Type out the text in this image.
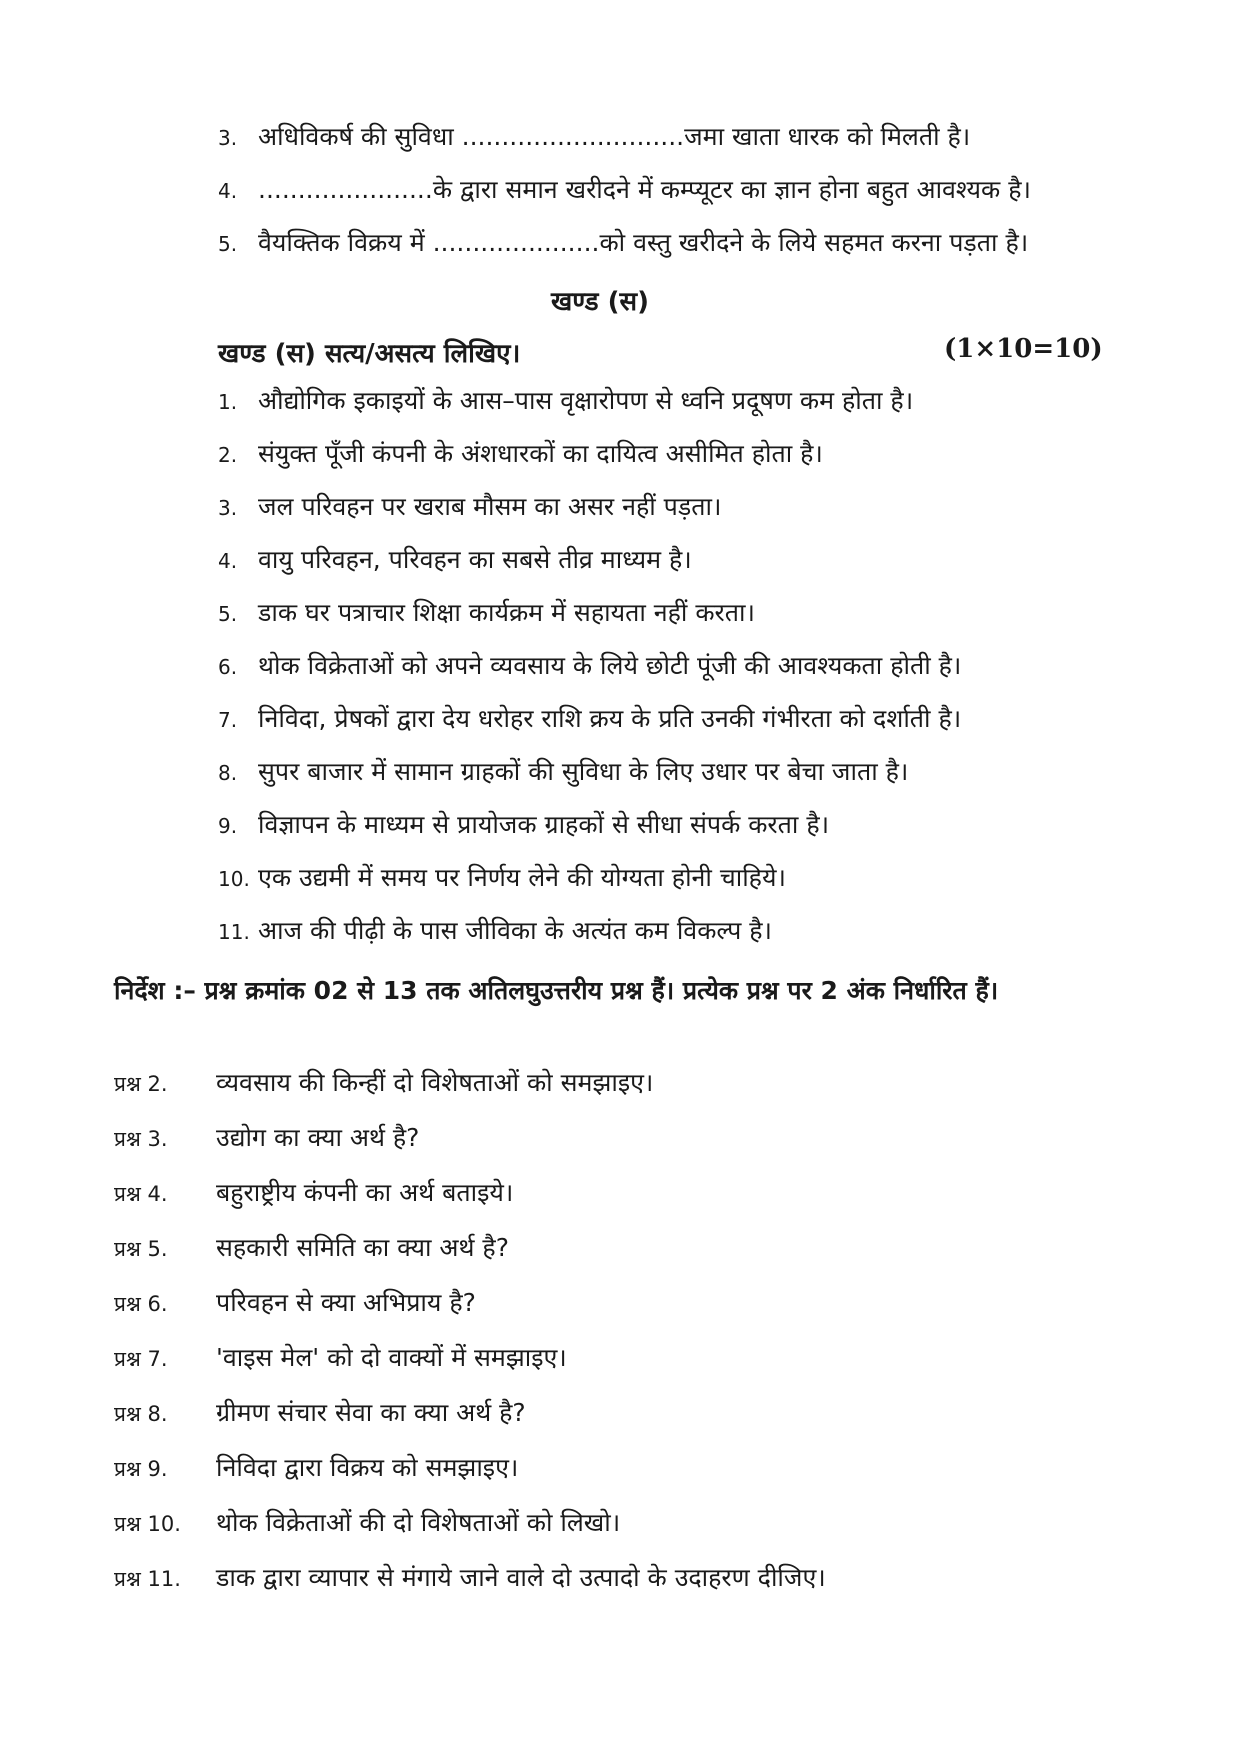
3. अधिविकर्ष की सुविधा ............................जमा खाता धारक को मिलती है।
4. ......................के द्वारा समान खरीदने में कम्प्यूटर का ज्ञान होना बहुत आवश्यक है।
5. वैयक्तिक विक्रय में .....................को वस्तु खरीदने के लिये सहमत करना पड़ता है।
खण्ड (स)
खण्ड (स) सत्य/असत्य लिखिए।	(1×10=10)
1. औद्योगिक इकाइयों के आस–पास वृक्षारोपण से ध्वनि प्रदूषण कम होता है।
2. संयुक्त पूँजी कंपनी के अंशधारकों का दायित्व असीमित होता है।
3. जल परिवहन पर खराब मौसम का असर नहीं पड़ता।
4. वायु परिवहन, परिवहन का सबसे तीव्र माध्यम है।
5. डाक घर पत्राचार शिक्षा कार्यक्रम में सहायता नहीं करता।
6. थोक विक्रेताओं को अपने व्यवसाय के लिये छोटी पूंजी की आवश्यकता होती है।
7. निविदा, प्रेषकों द्वारा देय धरोहर राशि क्रय के प्रति उनकी गंभीरता को दर्शाती है।
8. सुपर बाजार में सामान ग्राहकों की सुविधा के लिए उधार पर बेचा जाता है।
9. विज्ञापन के माध्यम से प्रायोजक ग्राहकों से सीधा संपर्क करता है।
10. एक उद्यमी में समय पर निर्णय लेने की योग्यता होनी चाहिये।
11. आज की पीढ़ी के पास जीविका के अत्यंत कम विकल्प है।
निर्देश :– प्रश्न क्रमांक 02 से 13 तक अतिलघुउत्तरीय प्रश्न हैं। प्रत्येक प्रश्न पर 2 अंक निर्धारित हैं।
प्रश्न 2. व्यवसाय की किन्हीं दो विशेषताओं को समझाइए।
प्रश्न 3. उद्योग का क्या अर्थ है?
प्रश्न 4. बहुराष्ट्रीय कंपनी का अर्थ बताइये।
प्रश्न 5. सहकारी समिति का क्या अर्थ है?
प्रश्न 6. परिवहन से क्या अभिप्राय है?
प्रश्न 7. 'वाइस मेल' को दो वाक्यों में समझाइए।
प्रश्न 8. ग्रीमण संचार सेवा का क्या अर्थ है?
प्रश्न 9. निविदा द्वारा विक्रय को समझाइए।
प्रश्न 10. थोक विक्रेताओं की दो विशेषताओं को लिखो।
प्रश्न 11. डाक द्वारा व्यापार से मंगाये जाने वाले दो उत्पादो के उदाहरण दीजिए।
